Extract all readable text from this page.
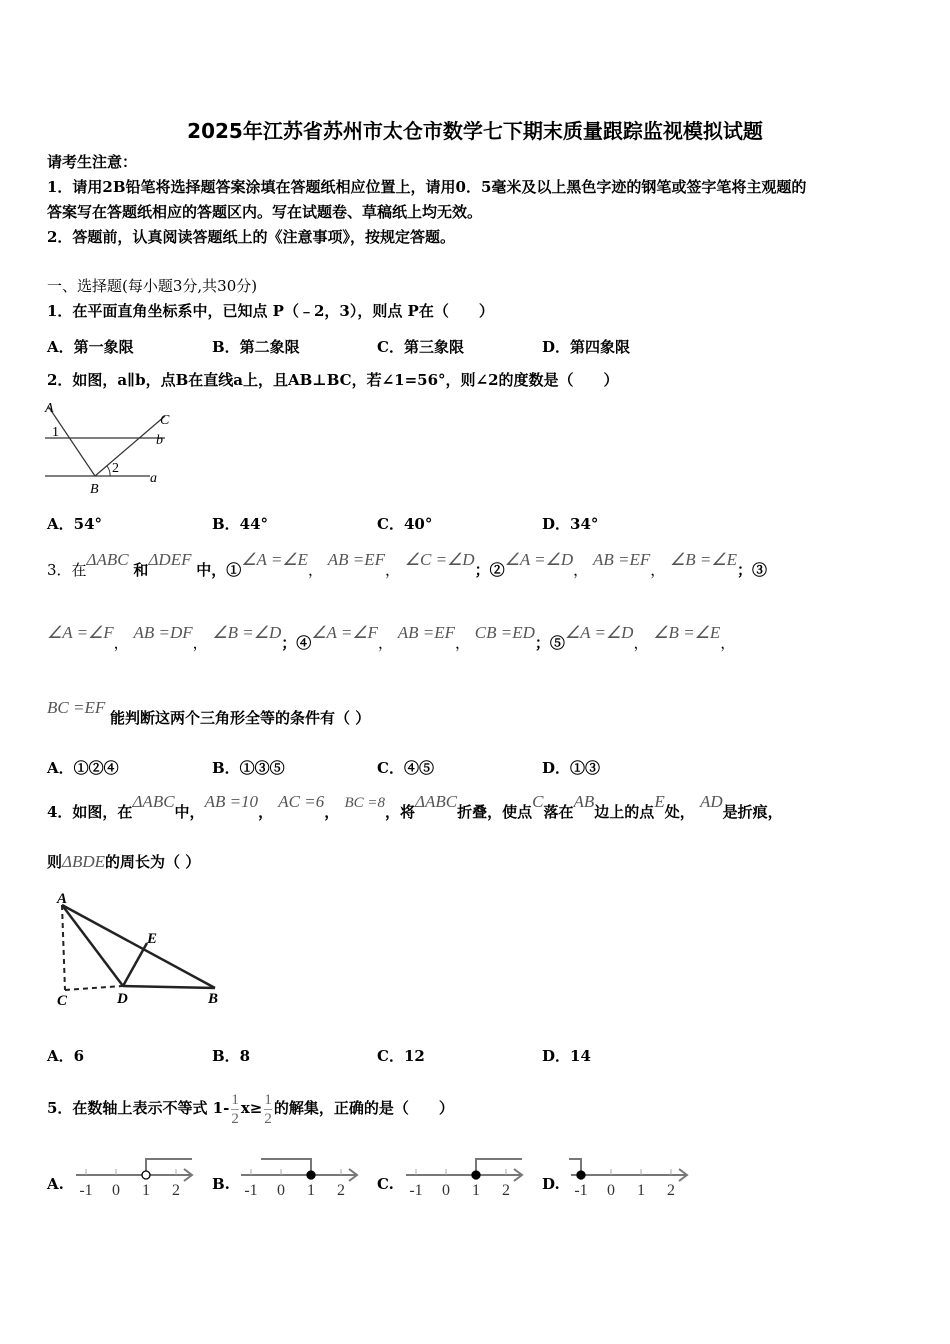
2025年江苏省苏州市太仓市数学七下期末质量跟踪监视模拟试题
请考生注意：
1．请用2B铅笔将选择题答案涂填在答题纸相应位置上，请用0．5毫米及以上黑色字迹的钢笔或签字笔将主观题的
答案写在答题纸相应的答题区内。写在试题卷、草稿纸上均无效。
2．答题前，认真阅读答题纸上的《注意事项》，按规定答题。
一、选择题(每小题3分,共30分)
1．在平面直角坐标系中，已知点 P（﹣2，3），则点 P在（　　）
A．第一象限	B．第二象限	C．第三象限	D．第四象限
2．如图，a∥b，点B在直线a上，且AB⊥BC，若∠1=56°，则∠2的度数是（　　）
A
1
C
b
2
a
B
A．54°	B．44°	C．40°	D．34°
3．在ΔABC 和ΔDEF 中，①∠A =∠E， AB =EF， ∠C =∠D；②∠A =∠D， AB =EF， ∠B =∠E；③
∠A =∠F， AB =DF， ∠B =∠D；④∠A =∠F， AB =EF， CB =ED；⑤∠A =∠D， ∠B =∠E，
BC =EF 能判断这两个三角形全等的条件有（ ）
A．①②④	B．①③⑤	C．④⑤	D．①③
4．如图，在ΔABC中，AB =10， AC =6， BC =8，将ΔABC折叠，使点C落在AB边上的点E处， AD是折痕，
则ΔBDE的周长为（ ）
A
E
C	D	B
A．6	B．8	C．12	D．14
5．在数轴上表示不等式 $1- \frac{1}{2} x\ge \frac{1}{2}$ 的解集，正确的是（　　）
A. -1 0 1 2 B. -1 0 1 2 C. -1 0 1 2 D. -1 0 1 2
